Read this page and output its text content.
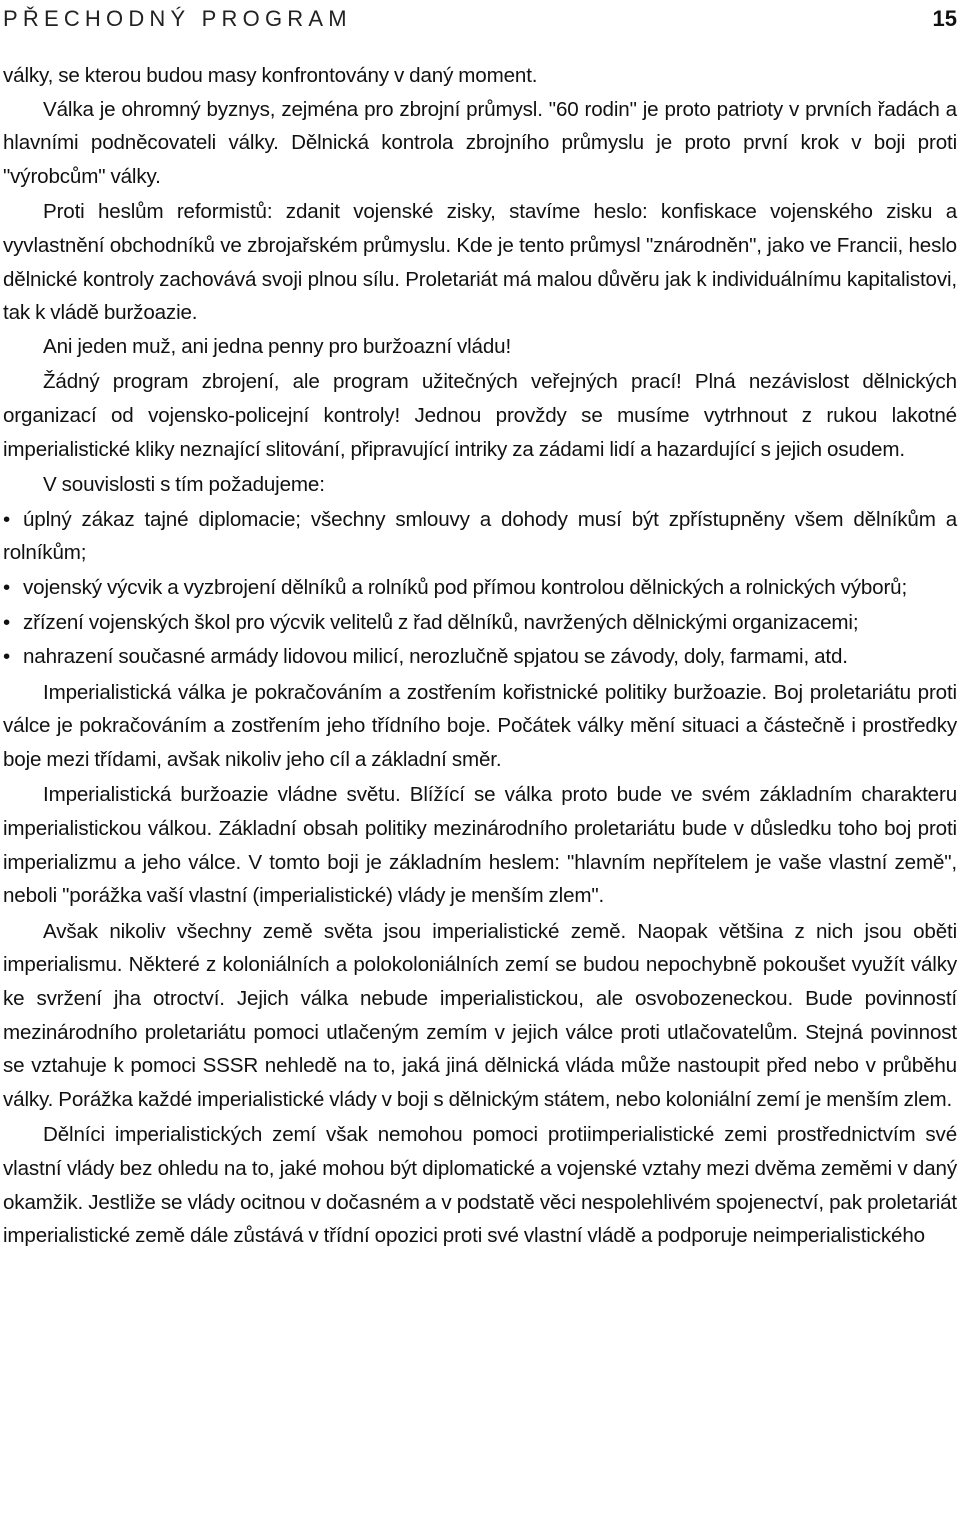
PŘECHODNÝ PROGRAM	15

války, se kterou budou masy konfrontovány v daný moment.

Válka je ohromný byznys, zejména pro zbrojní průmysl. "60 rodin" je proto patrioty v prvních řadách a hlavními podněcovateli války. Dělnická kontrola zbrojního průmyslu je proto první krok v boji proti "výrobcům" války.

Proti heslům reformistů: zdanit vojenské zisky, stavíme heslo: konfiskace vojenského zisku a vyvlastnění obchodníků ve zbrojařském průmyslu. Kde je tento průmysl "znárodněn", jako ve Francii, heslo dělnické kontroly zachovává svoji plnou sílu. Proletariát má malou důvěru jak k individuálnímu kapitalistovi, tak k vládě buržoazie.

Ani jeden muž, ani jedna penny pro buržoazní vládu!

Žádný program zbrojení, ale program užitečných veřejných prací! Plná nezávislost dělnických organizací od vojensko-policejní kontroly! Jednou provždy se musíme vytrhnout z rukou lakotné imperialistické kliky neznající slitování, připravující intriky za zádami lidí a hazardující s jejich osudem.

V souvislosti s tím požadujeme:

• úplný zákaz tajné diplomacie; všechny smlouvy a dohody musí být zpřístupněny všem dělníkům a rolníkům;

• vojenský výcvik a vyzbrojení dělníků a rolníků pod přímou kontrolou dělnických a rolnických výborů;

• zřízení vojenských škol pro výcvik velitelů z řad dělníků, navržených dělnickými organizacemi;

• nahrazení současné armády lidovou milicí, nerozlučně spjatou se závody, doly, farmami, atd.

Imperialistická válka je pokračováním a zostřením kořistnické politiky buržoazie. Boj proletariátu proti válce je pokračováním a zostřením jeho třídního boje. Počátek války mění situaci a částečně i prostředky boje mezi třídami, avšak nikoliv jeho cíl a základní směr.

Imperialistická buržoazie vládne světu. Blížící se válka proto bude ve svém základním charakteru imperialistickou válkou. Základní obsah politiky mezinárodního proletariátu bude v důsledku toho boj proti imperializmu a jeho válce. V tomto boji je základním heslem: "hlavním nepřítelem je vaše vlastní země", neboli "porážka vaší vlastní (imperialistické) vlády je menším zlem".

Avšak nikoliv všechny země světa jsou imperialistické země. Naopak většina z nich jsou oběti imperialismu. Některé z koloniálních a polokoloniálních zemí se budou nepochybně pokoušet využít války ke svržení jha otroctví. Jejich válka nebude imperialistickou, ale osvobozeneckou. Bude povinností mezinárodního proletariátu pomoci utlačeným zemím v jejich válce proti utlačovatelům. Stejná povinnost se vztahuje k pomoci SSSR nehledě na to, jaká jiná dělnická vláda může nastoupit před nebo v průběhu války. Porážka každé imperialistické vlády v boji s dělnickým státem, nebo koloniální zemí je menším zlem.

Dělníci imperialistických zemí však nemohou pomoci protiimperialistické zemi prostřednictvím své vlastní vlády bez ohledu na to, jaké mohou být diplomatické a vojenské vztahy mezi dvěma zeměmi v daný okamžik. Jestliže se vlády ocitnou v dočasném a v podstatě věci nespolehlivém spojenectví, pak proletariát imperialistické země dále zůstává v třídní opozici proti své vlastní vládě a podporuje neimperialistického
